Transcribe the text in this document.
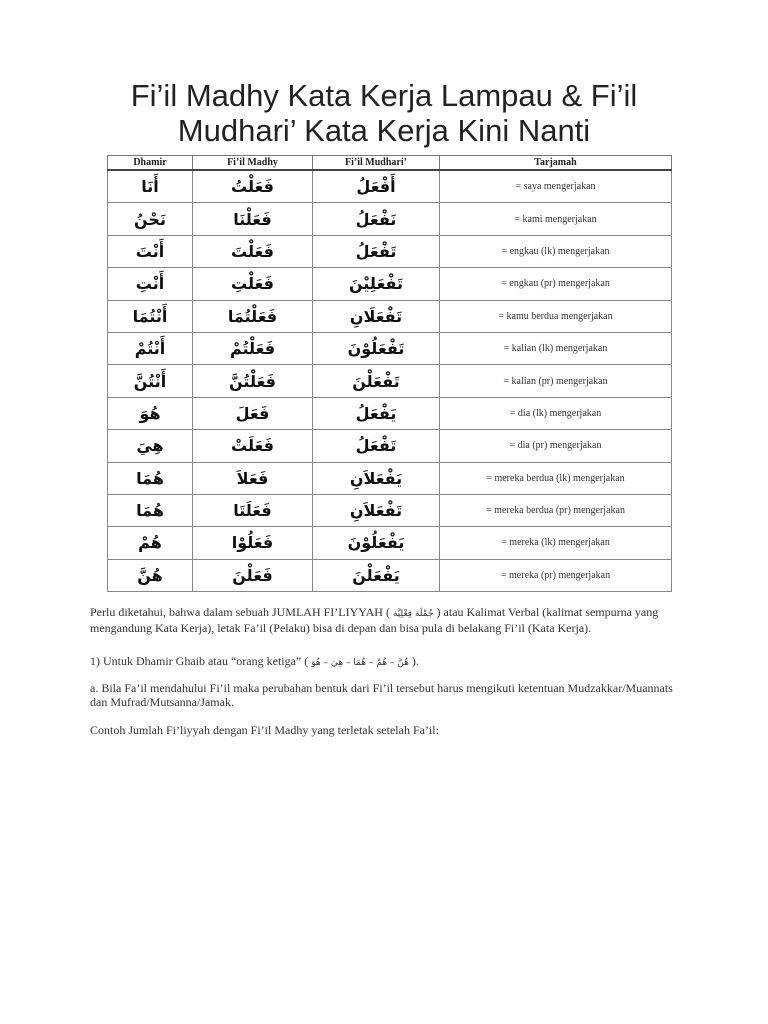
Fi’il Madhy Kata Kerja Lampau & Fi’il
Mudhari’ Kata Kerja Kini Nanti
Dhamir	Fi’il Madhy	Fi’il Mudhari’	Tarjamah
أَنَا	فَعَلْتُ	أَفْعَلُ	= saya mengerjakan
نَحْنُ	فَعَلْنَا	نَفْعَلُ	= kami mengerjakan
أَنْتَ	فَعَلْتَ	تَفْعَلُ	= engkau (lk) mengerjakan
أَنْتِ	فَعَلْتِ	تَفْعَلِيْنَ	= engkau (pr) mengerjakan
أَنْتُمَا	فَعَلْتُمَا	تَفْعَلَانِ	= kamu berdua mengerjakan
أَنْتُمْ	فَعَلْتُمْ	تَفْعَلُوْنَ	= kalian (lk) mengerjakan
أَنْتُنَّ	فَعَلْتُنَّ	تَفْعَلْنَ	= kalian (pr) mengerjakan
هُوَ	فَعَلَ	يَفْعَلُ	= dia (lk) mengerjakan
هِيَ	فَعَلَتْ	تَفْعَلُ	= dia (pr) mengerjakan
هُمَا	فَعَلاَ	يَفْعَلاَنِ	= mereka berdua (lk) mengerjakan
هُمَا	فَعَلَتَا	تَفْعَلاَنِ	= mereka berdua (pr) mengerjakan
هُمْ	فَعَلُوْا	يَفْعَلُوْنَ	= mereka (lk) mengerjakan
هُنَّ	فَعَلْنَ	يَفْعَلْنَ	= mereka (pr) mengerjakan
Perlu diketahui, bahwa dalam sebuah JUMLAH FI’LIYYAH ( جُمْلَة فِعْلِيَّة ) atau Kalimat Verbal (kalimat sempurna yang mengandung Kata Kerja), letak Fa’il (Pelaku) bisa di depan dan bisa pula di belakang Fi’il (Kata Kerja).
1) Untuk Dhamir Ghaib atau “orang ketiga” ( هُنَّ – هُمْ – هُمَا – هِيَ – هُوَ ).
a. Bila Fa’il mendahului Fi’il maka perubahan bentuk dari Fi’il tersebut harus mengikuti ketentuan Mudzakkar/Muannats dan Mufrad/Mutsanna/Jamak.
Contoh Jumlah Fi’liyyah dengan Fi’il Madhy yang terletak setelah Fa’il:
